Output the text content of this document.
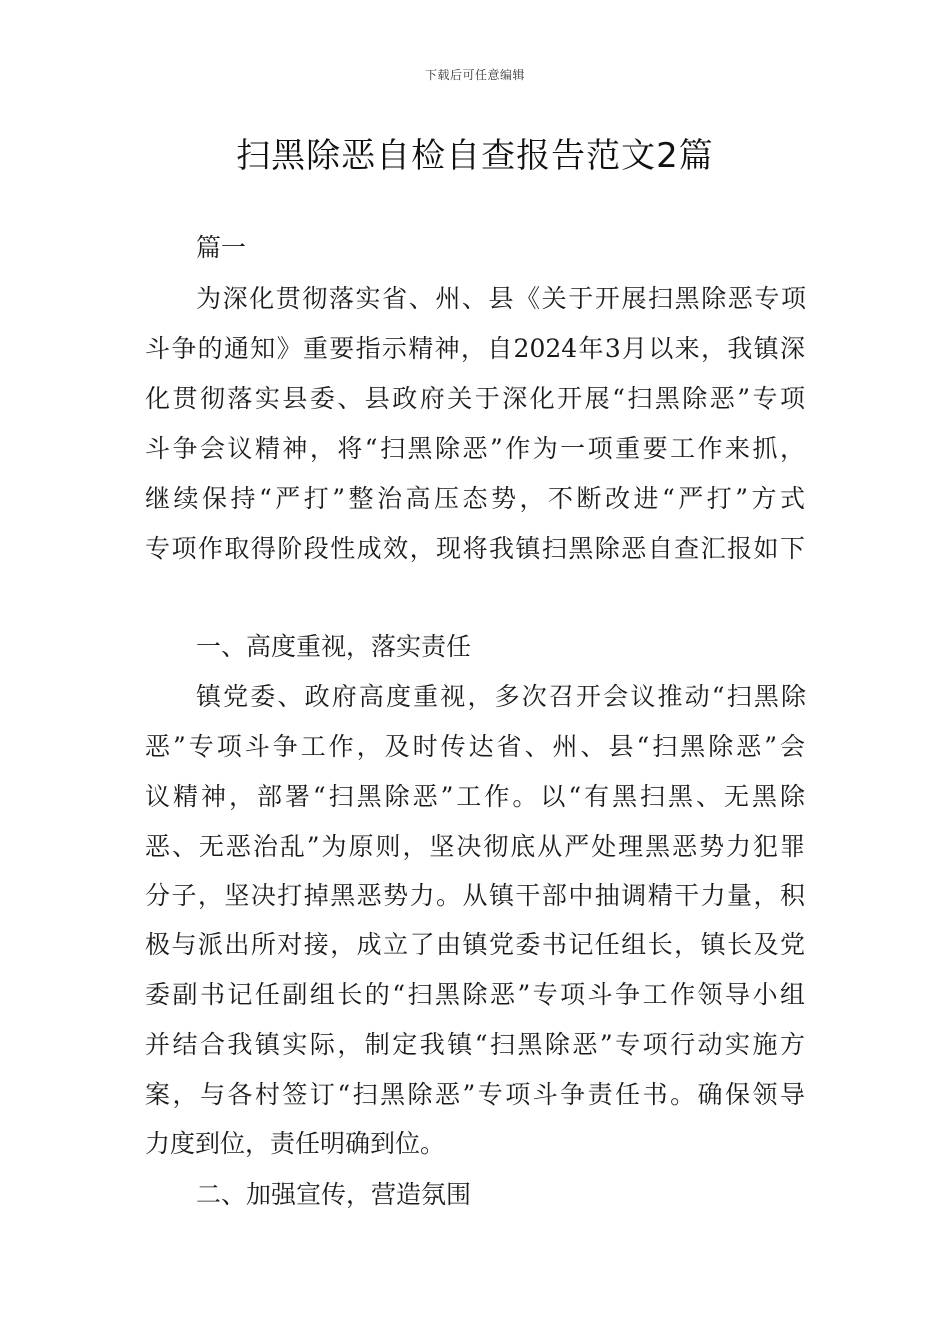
下载后可任意编辑
扫黑除恶自检自查报告范文2篇
篇一
为深化贯彻落实省、州、县《关于开展扫黑除恶专项
斗争的通知》重要指示精神，自2024年3月以来，我镇深
化贯彻落实县委、县政府关于深化开展“扫黑除恶”专项
斗争会议精神，将“扫黑除恶”作为一项重要工作来抓，
继续保持“严打”整治高压态势，不断改进“严打”方式
专项作取得阶段性成效，现将我镇扫黑除恶自查汇报如下
一、高度重视，落实责任
镇党委、政府高度重视，多次召开会议推动“扫黑除
恶”专项斗争工作，及时传达省、州、县“扫黑除恶”会
议精神，部署“扫黑除恶”工作。以“有黑扫黑、无黑除
恶、无恶治乱”为原则，坚决彻底从严处理黑恶势力犯罪
分子，坚决打掉黑恶势力。从镇干部中抽调精干力量，积
极与派出所对接，成立了由镇党委书记任组长，镇长及党
委副书记任副组长的“扫黑除恶”专项斗争工作领导小组
并结合我镇实际，制定我镇“扫黑除恶”专项行动实施方
案，与各村签订“扫黑除恶”专项斗争责任书。确保领导
力度到位，责任明确到位。
二、加强宣传，营造氛围
